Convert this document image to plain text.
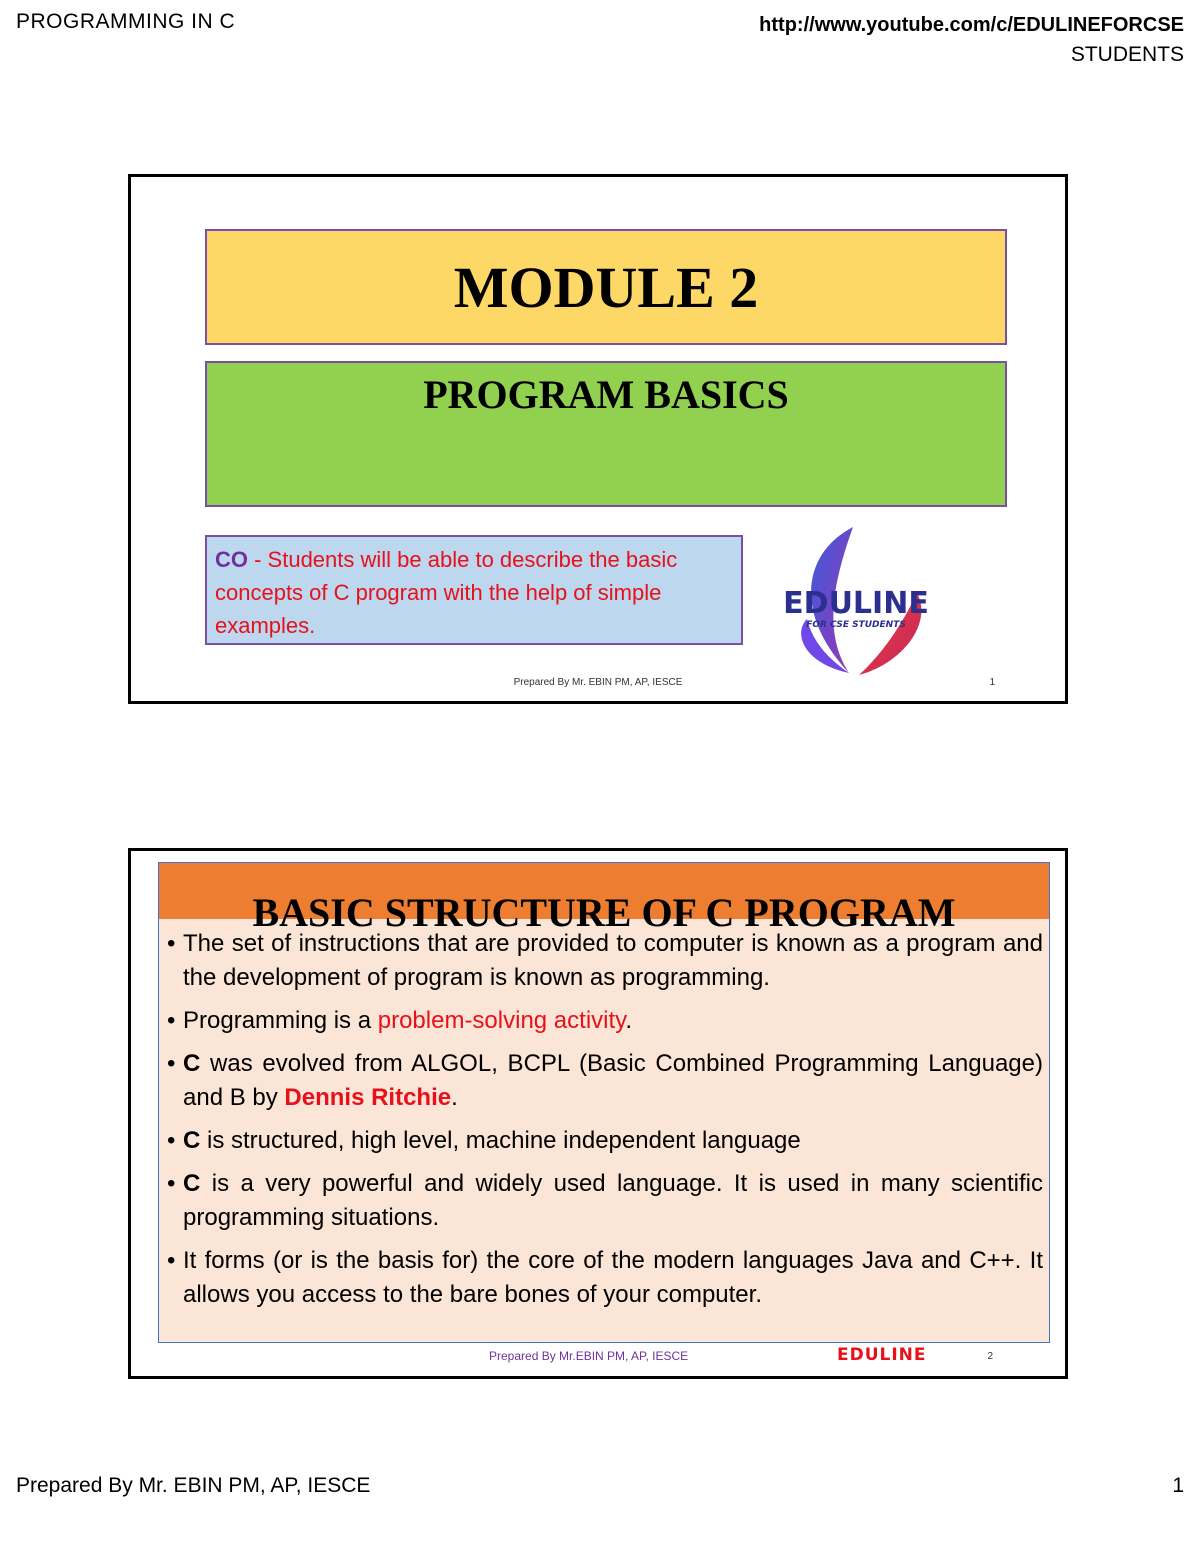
PROGRAMMING IN C	http://www.youtube.com/c/EDULINEFORCSE
STUDENTS
MODULE 2
PROGRAM BASICS
CO - Students will be able to describe the basic concepts of C program with the help of simple examples.
EDULINE
FOR CSE STUDENTS
Prepared By Mr. EBIN PM, AP, IESCE	1
BASIC STRUCTURE OF C PROGRAM
• The set of instructions that are provided to computer is known as a program and the development of program is known as programming.
• Programming is a problem-solving activity.
• C was evolved from ALGOL, BCPL (Basic Combined Programming Language) and B by Dennis Ritchie.
• C is structured, high level, machine independent language
• C is a very powerful and widely used language. It is used in many scientific programming situations.
• It forms (or is the basis for) the core of the modern languages Java and C++. It allows you access to the bare bones of your computer.
Prepared By Mr.EBIN PM, AP, IESCE	EDULINE	2
Prepared By Mr. EBIN PM, AP, IESCE	1
